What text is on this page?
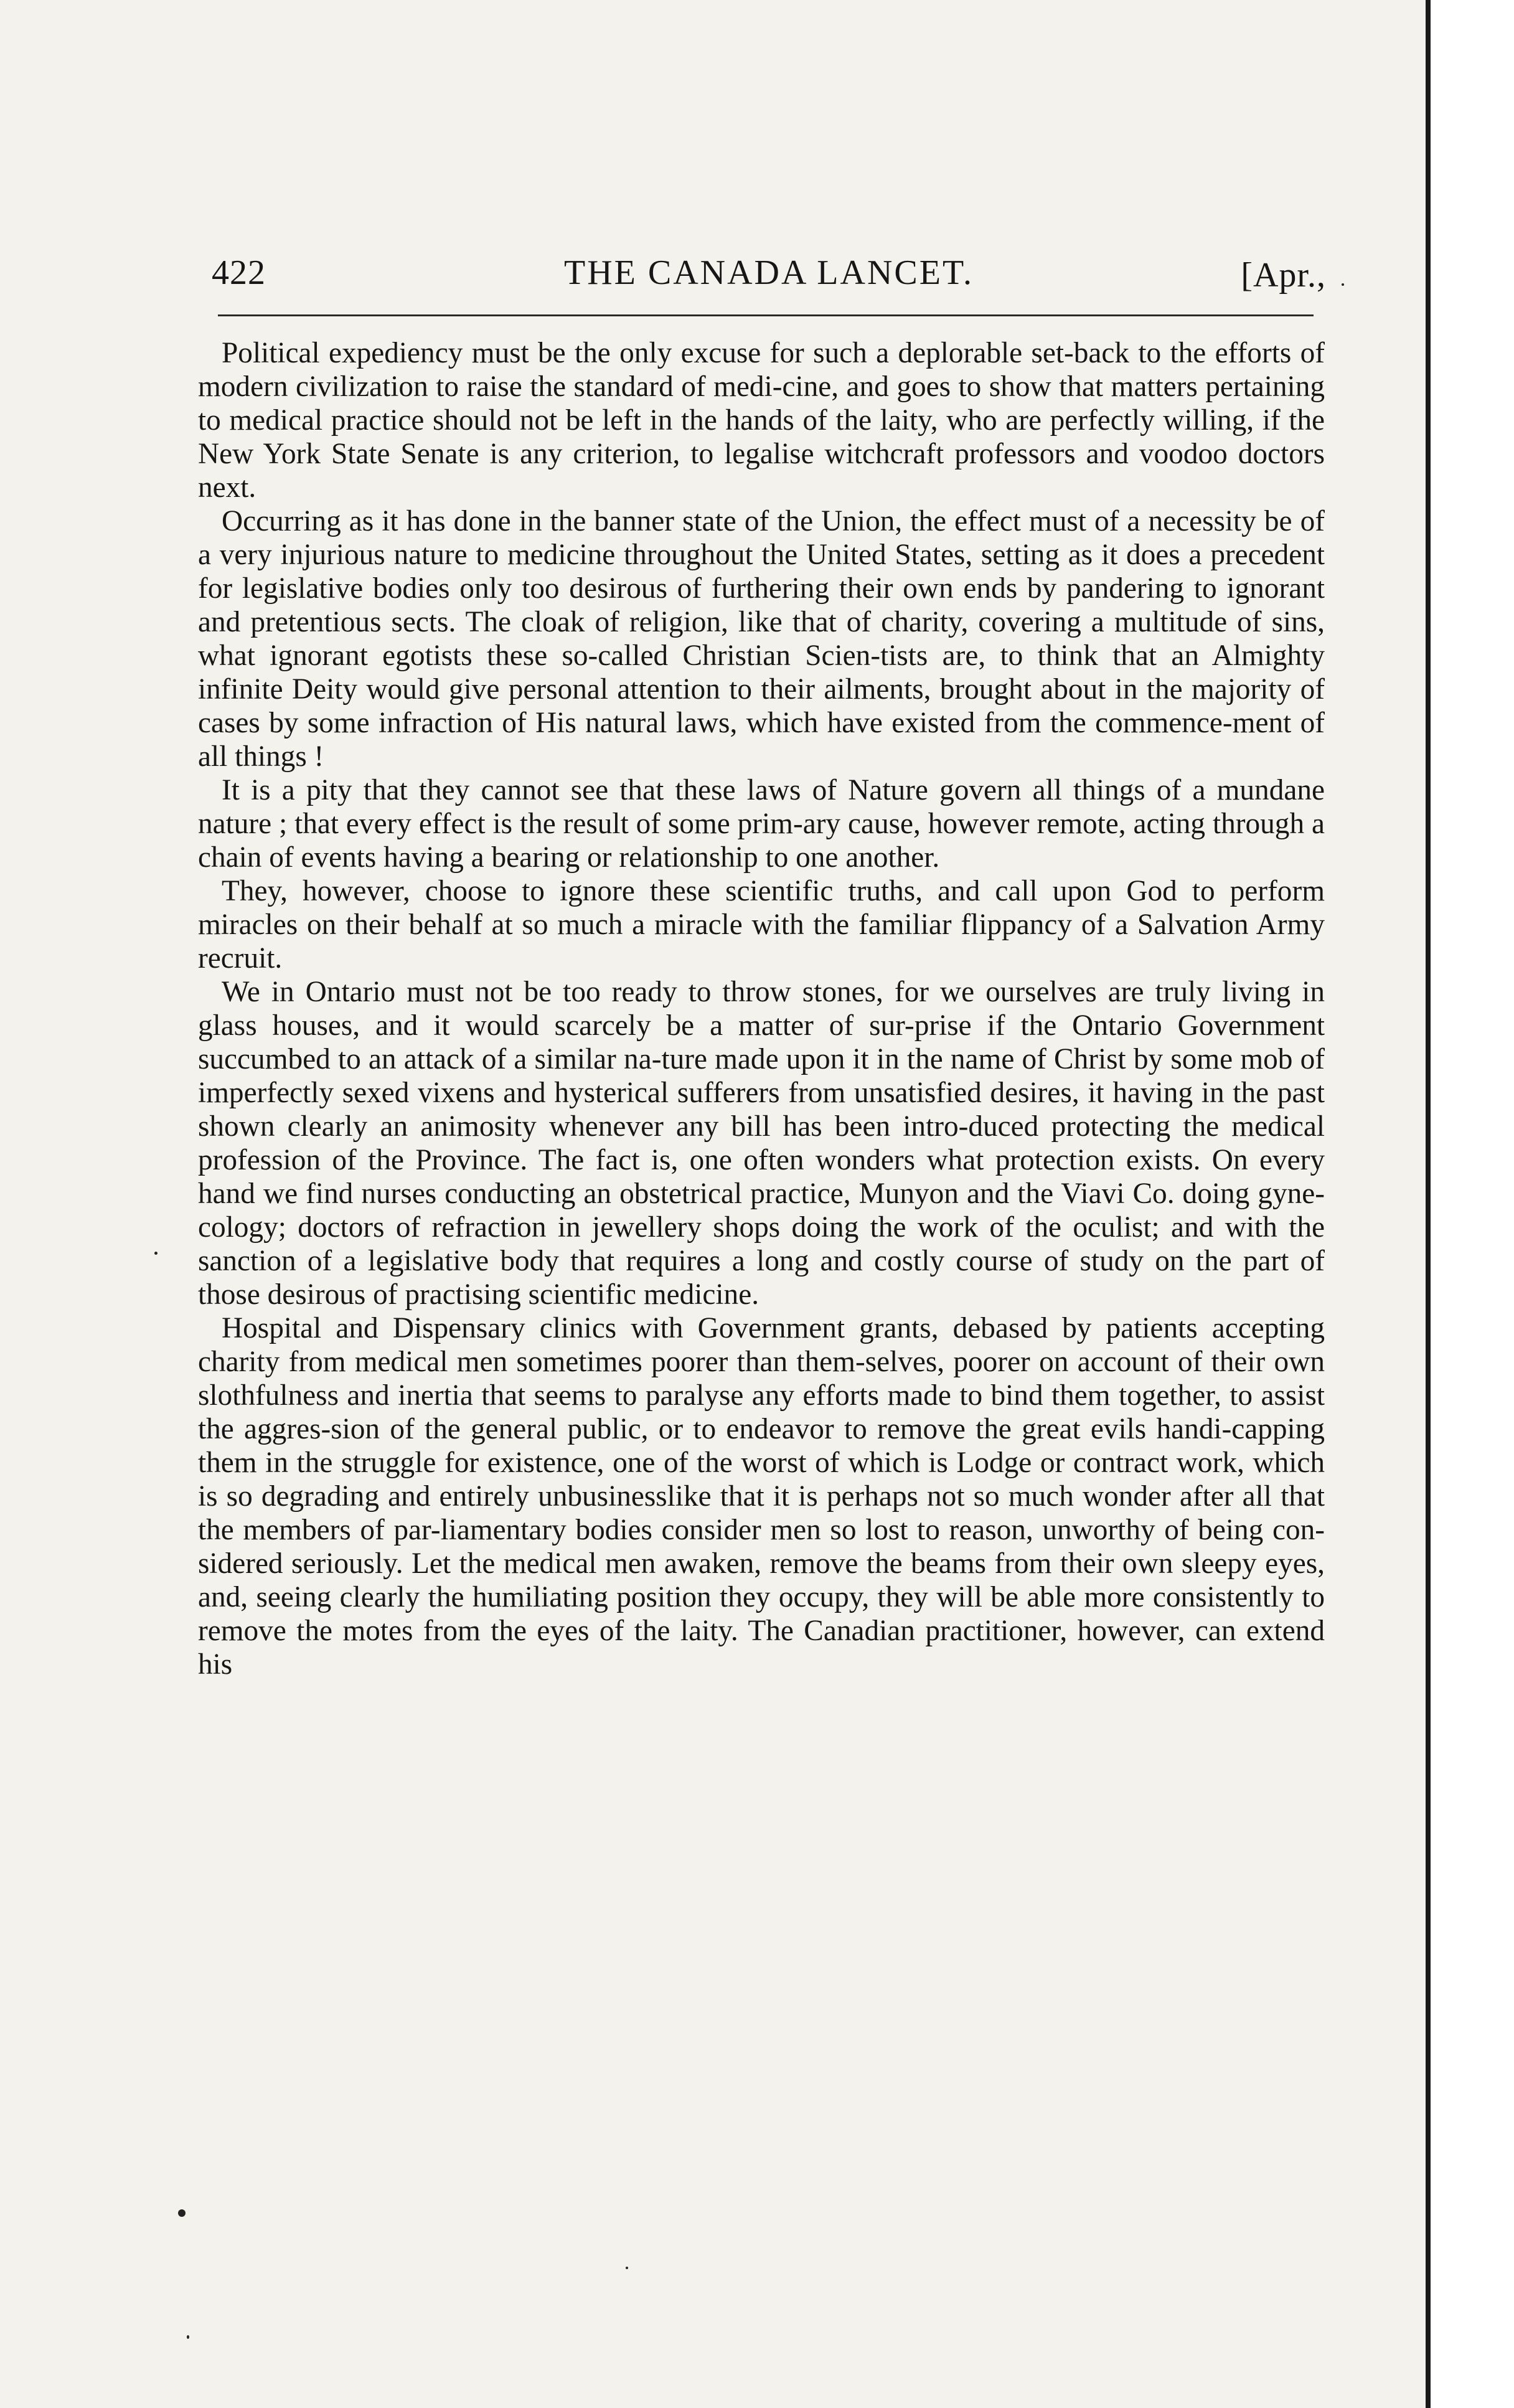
422	THE CANADA LANCET.	[Apr.,

Political expediency must be the only excuse for such a deplorable set-back to the efforts of modern civilization to raise the standard of medi-cine, and goes to show that matters pertaining to medical practice should not be left in the hands of the laity, who are perfectly willing, if the New York State Senate is any criterion, to legalise witchcraft professors and voodoo doctors next.

Occurring as it has done in the banner state of the Union, the effect must of a necessity be of a very injurious nature to medicine throughout the United States, setting as it does a precedent for legislative bodies only too desirous of furthering their own ends by pandering to ignorant and pretentious sects. The cloak of religion, like that of charity, covering a multitude of sins, what ignorant egotists these so-called Christian Scien-tists are, to think that an Almighty infinite Deity would give personal attention to their ailments, brought about in the majority of cases by some infraction of His natural laws, which have existed from the commence-ment of all things !

It is a pity that they cannot see that these laws of Nature govern all things of a mundane nature ; that every effect is the result of some prim-ary cause, however remote, acting through a chain of events having a bearing or relationship to one another.

They, however, choose to ignore these scientific truths, and call upon God to perform miracles on their behalf at so much a miracle with the familiar flippancy of a Salvation Army recruit.

We in Ontario must not be too ready to throw stones, for we ourselves are truly living in glass houses, and it would scarcely be a matter of sur-prise if the Ontario Government succumbed to an attack of a similar na-ture made upon it in the name of Christ by some mob of imperfectly sexed vixens and hysterical sufferers from unsatisfied desires, it having in the past shown clearly an animosity whenever any bill has been intro-duced protecting the medical profession of the Province. The fact is, one often wonders what protection exists. On every hand we find nurses conducting an obstetrical practice, Munyon and the Viavi Co. doing gyne-cology; doctors of refraction in jewellery shops doing the work of the oculist; and with the sanction of a legislative body that requires a long and costly course of study on the part of those desirous of practising scientific medicine.

Hospital and Dispensary clinics with Government grants, debased by patients accepting charity from medical men sometimes poorer than them-selves, poorer on account of their own slothfulness and inertia that seems to paralyse any efforts made to bind them together, to assist the aggres-sion of the general public, or to endeavor to remove the great evils handi-capping them in the struggle for existence, one of the worst of which is Lodge or contract work, which is so degrading and entirely unbusinesslike that it is perhaps not so much wonder after all that the members of par-liamentary bodies consider men so lost to reason, unworthy of being con-sidered seriously. Let the medical men awaken, remove the beams from their own sleepy eyes, and, seeing clearly the humiliating position they occupy, they will be able more consistently to remove the motes from the eyes of the laity. The Canadian practitioner, however, can extend his
